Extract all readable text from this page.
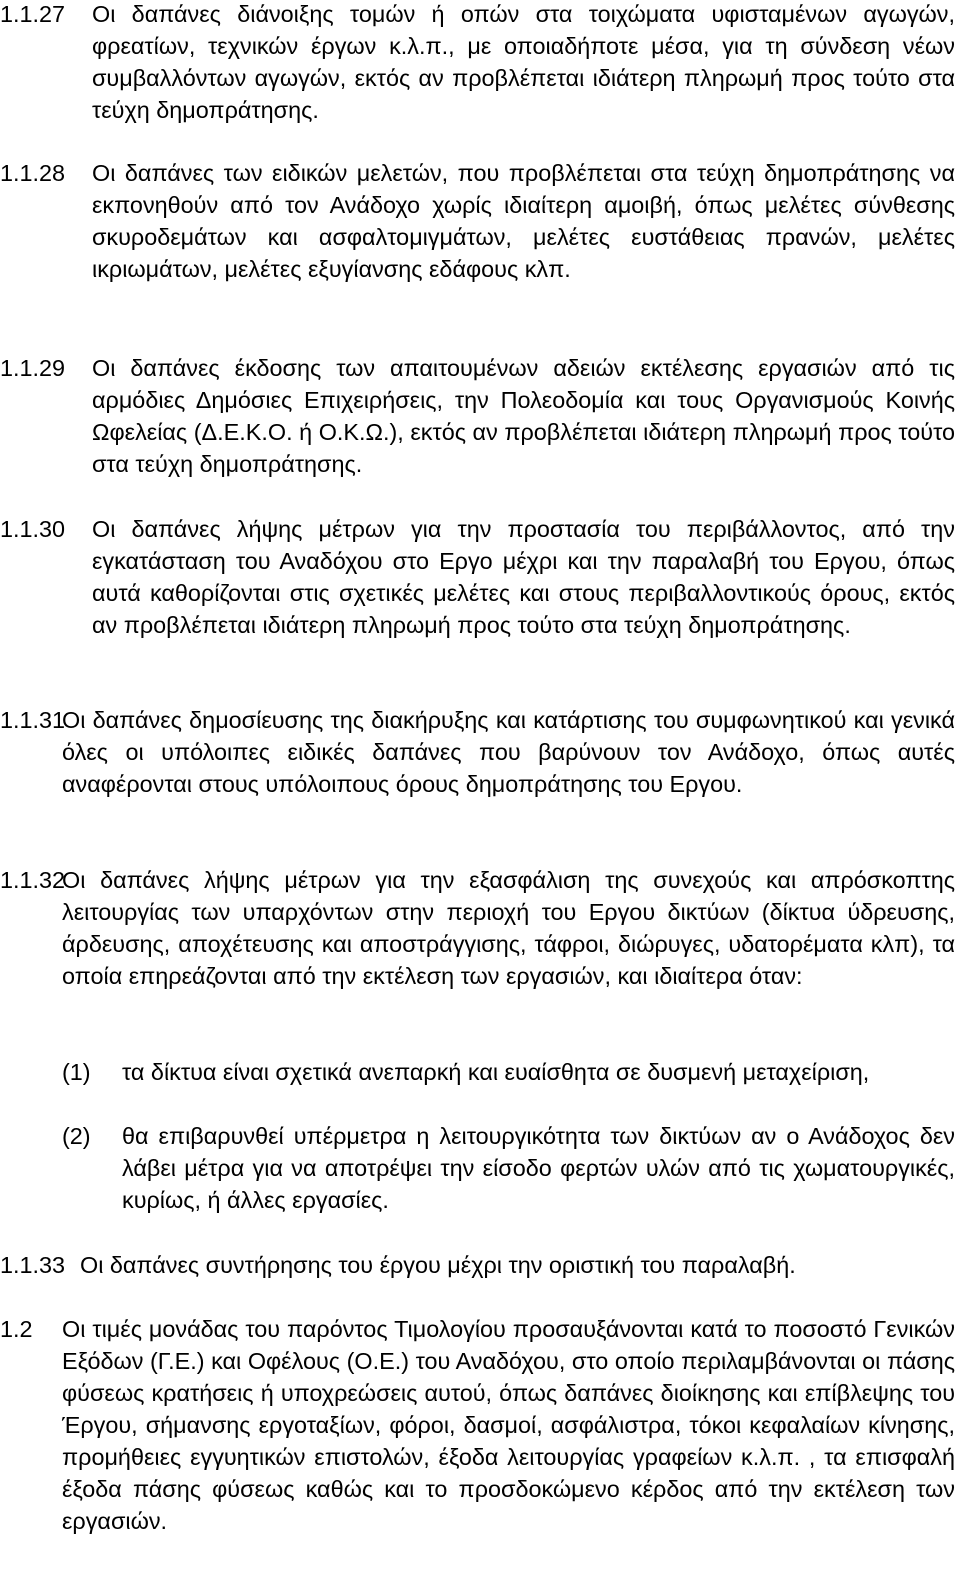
1.1.27 Οι δαπάνες διάνοιξης τομών ή οπών στα τοιχώματα υφισταμένων αγωγών, φρεατίων, τεχνικών έργων κ.λ.π., με οποιαδήποτε μέσα, για τη σύνδεση νέων συμβαλλόντων αγωγών, εκτός αν προβλέπεται ιδιάτερη πληρωμή προς τούτο στα τεύχη δημοπράτησης.
1.1.28 Οι δαπάνες των ειδικών μελετών, που προβλέπεται στα τεύχη δημοπράτησης να εκπονηθούν από τον Ανάδοχο χωρίς ιδιαίτερη αμοιβή, όπως μελέτες σύνθεσης σκυροδεμάτων και ασφαλτομιγμάτων, μελέτες ευστάθειας πρανών, μελέτες ικριωμάτων, μελέτες εξυγίανσης εδάφους κλπ.
1.1.29 Οι δαπάνες έκδοσης των απαιτουμένων αδειών εκτέλεσης εργασιών από τις αρμόδιες Δημόσιες Επιχειρήσεις, την Πολεοδομία και τους Οργανισμούς Κοινής Ωφελείας (Δ.Ε.Κ.Ο. ή Ο.Κ.Ω.), εκτός αν προβλέπεται ιδιάτερη πληρωμή προς τούτο στα τεύχη δημοπράτησης.
1.1.30 Οι δαπάνες λήψης μέτρων για την προστασία του περιβάλλοντος, από την εγκατάσταση του Αναδόχου στο Εργο μέχρι και την παραλαβή του Εργου, όπως αυτά καθορίζονται στις σχετικές μελέτες και στους περιβαλλοντικούς όρους, εκτός αν προβλέπεται ιδιάτερη πληρωμή προς τούτο στα τεύχη δημοπράτησης.
1.1.31
Οι δαπάνες δημοσίευσης της διακήρυξης και κατάρτισης του συμφωνητικού και γενικά όλες οι υπόλοιπες ειδικές δαπάνες που βαρύνουν τον Ανάδοχο, όπως αυτές αναφέρονται στους υπόλοιπους όρους δημοπράτησης του Εργου.
1.1.32
Οι δαπάνες λήψης μέτρων για την εξασφάλιση της συνεχούς και απρόσκοπτης λειτουργίας των υπαρχόντων στην περιοχή του Εργου δικτύων (δίκτυα ύδρευσης, άρδευσης, αποχέτευσης και αποστράγγισης, τάφροι, διώρυγες, υδατορέματα κλπ), τα οποία επηρεάζονται από την εκτέλεση των εργασιών, και ιδιαίτερα όταν:
(1) τα δίκτυα είναι σχετικά ανεπαρκή και ευαίσθητα σε δυσμενή μεταχείριση,
(2) θα επιβαρυνθεί υπέρμετρα η λειτουργικότητα των δικτύων αν ο Ανάδοχος δεν λάβει μέτρα για να αποτρέψει την είσοδο φερτών υλών από τις χωματουργικές, κυρίως, ή άλλες εργασίες.
1.1.33 Οι δαπάνες συντήρησης του έργου μέχρι την οριστική του παραλαβή.
1.2 Οι τιμές μονάδας του παρόντος Τιμολογίου προσαυξάνονται κατά το ποσοστό Γενικών Εξόδων (Γ.Ε.) και Οφέλους (Ο.Ε.) του Αναδόχου, στο οποίο περιλαμβάνονται οι πάσης φύσεως κρατήσεις ή υποχρεώσεις αυτού, όπως δαπάνες διοίκησης και επίβλεψης του Έργου, σήμανσης εργοταξίων, φόροι, δασμοί, ασφάλιστρα, τόκοι κεφαλαίων κίνησης, προμήθειες εγγυητικών επιστολών, έξοδα λειτουργίας γραφείων κ.λ.π. , τα επισφαλή έξοδα πάσης φύσεως καθώς και το προσδοκώμενο κέρδος από την εκτέλεση των εργασιών.
